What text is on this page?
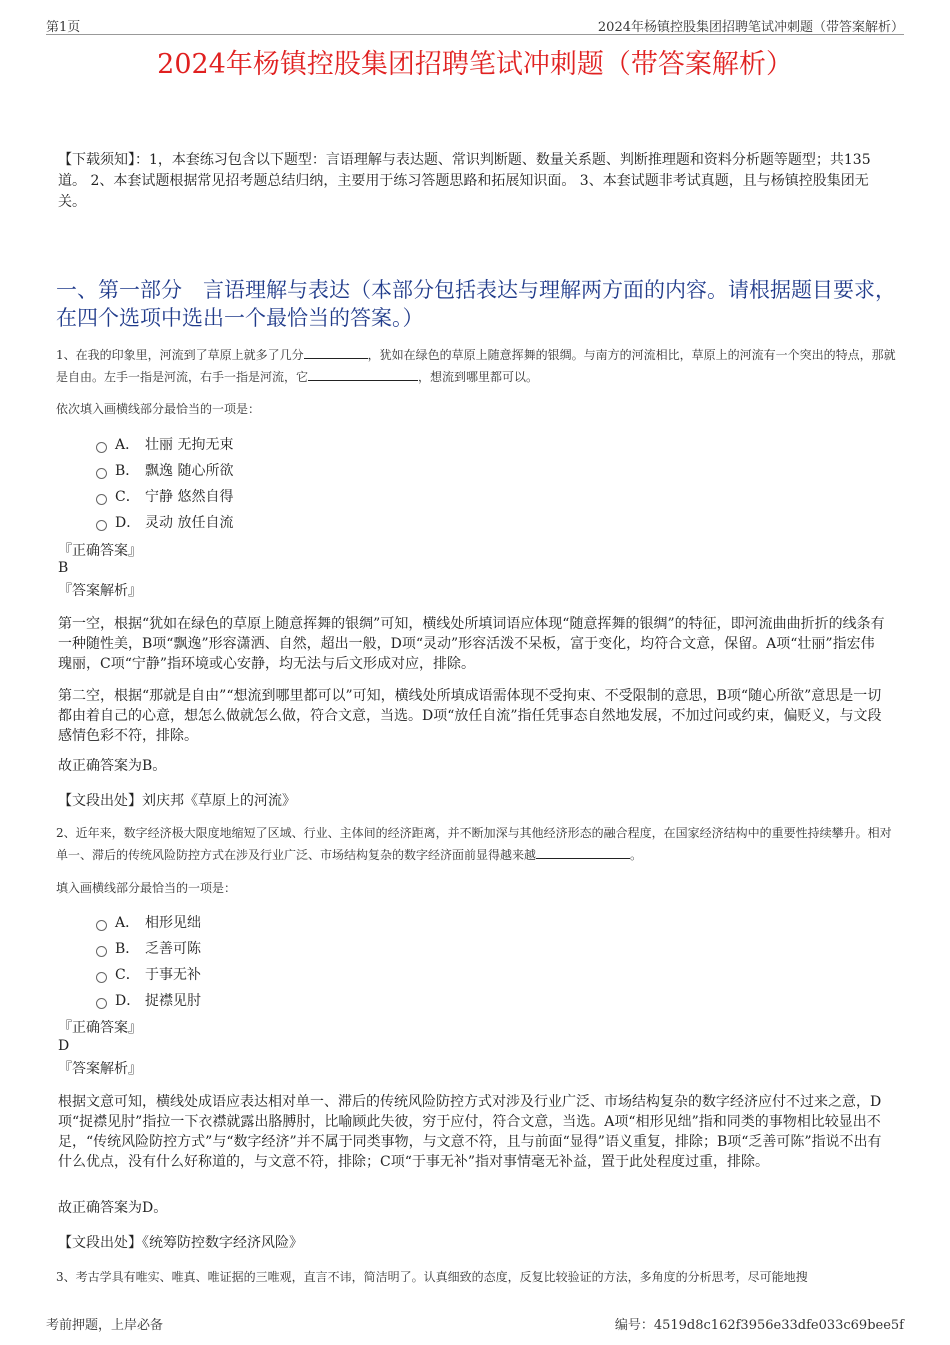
第1页	2024年杨镇控股集团招聘笔试冲刺题（带答案解析）
2024年杨镇控股集团招聘笔试冲刺题（带答案解析）
【下载须知】：1，本套练习包含以下题型：言语理解与表达题、常识判断题、数量关系题、判断推理题和资料分析题等题型；共135道。 2、本套试题根据常见招考题总结归纳，主要用于练习答题思路和拓展知识面。 3、本套试题非考试真题，且与杨镇控股集团无关。
一、第一部分　言语理解与表达（本部分包括表达与理解两方面的内容。请根据题目要求，在四个选项中选出一个最恰当的答案。）
1、在我的印象里，河流到了草原上就多了几分	，犹如在绿色的草原上随意挥舞的银绸。与南方的河流相比，草原上的河流有一个突出的特点，那就是自由。左手一指是河流，右手一指是河流，它	，想流到哪里都可以。
依次填入画横线部分最恰当的一项是：
A． 壮丽 无拘无束
B． 飘逸 随心所欲
C． 宁静 悠然自得
D． 灵动 放任自流
『正确答案』
B
『答案解析』
第一空，根据“犹如在绿色的草原上随意挥舞的银绸”可知，横线处所填词语应体现“随意挥舞的银绸”的特征，即河流曲曲折折的线条有一种随性美，B项“飘逸”形容潇洒、自然，超出一般，D项“灵动”形容活泼不呆板，富于变化，均符合文意，保留。A项“壮丽”指宏伟瑰丽，C项“宁静”指环境或心安静，均无法与后文形成对应，排除。
第二空，根据“那就是自由”“想流到哪里都可以”可知，横线处所填成语需体现不受拘束、不受限制的意思，B项“随心所欲”意思是一切都由着自己的心意，想怎么做就怎么做，符合文意，当选。D项“放任自流”指任凭事态自然地发展，不加过问或约束，偏贬义，与文段感情色彩不符，排除。
故正确答案为B。
【文段出处】刘庆邦《草原上的河流》
2、近年来，数字经济极大限度地缩短了区域、行业、主体间的经济距离，并不断加深与其他经济形态的融合程度，在国家经济结构中的重要性持续攀升。相对单一、滞后的传统风险防控方式在涉及行业广泛、市场结构复杂的数字经济面前显得越来越	。
填入画横线部分最恰当的一项是：
A． 相形见绌
B． 乏善可陈
C． 于事无补
D． 捉襟见肘
『正确答案』
D
『答案解析』
根据文意可知，横线处成语应表达相对单一、滞后的传统风险防控方式对涉及行业广泛、市场结构复杂的数字经济应付不过来之意，D项“捉襟见肘”指拉一下衣襟就露出胳膊肘，比喻顾此失彼，穷于应付，符合文意，当选。A项“相形见绌”指和同类的事物相比较显出不足，“传统风险防控方式”与“数字经济”并不属于同类事物，与文意不符，且与前面“显得”语义重复，排除；B项“乏善可陈”指说不出有什么优点，没有什么好称道的，与文意不符，排除；C项“于事无补”指对事情毫无补益，置于此处程度过重，排除。
故正确答案为D。
【文段出处】《统筹防控数字经济风险》
3、考古学具有唯实、唯真、唯证据的三唯观，直言不讳，简洁明了。认真细致的态度，反复比较验证的方法，多角度的分析思考，尽可能地搜
考前押题，上岸必备	编号：4519d8c162f3956e33dfe033c69bee5f
